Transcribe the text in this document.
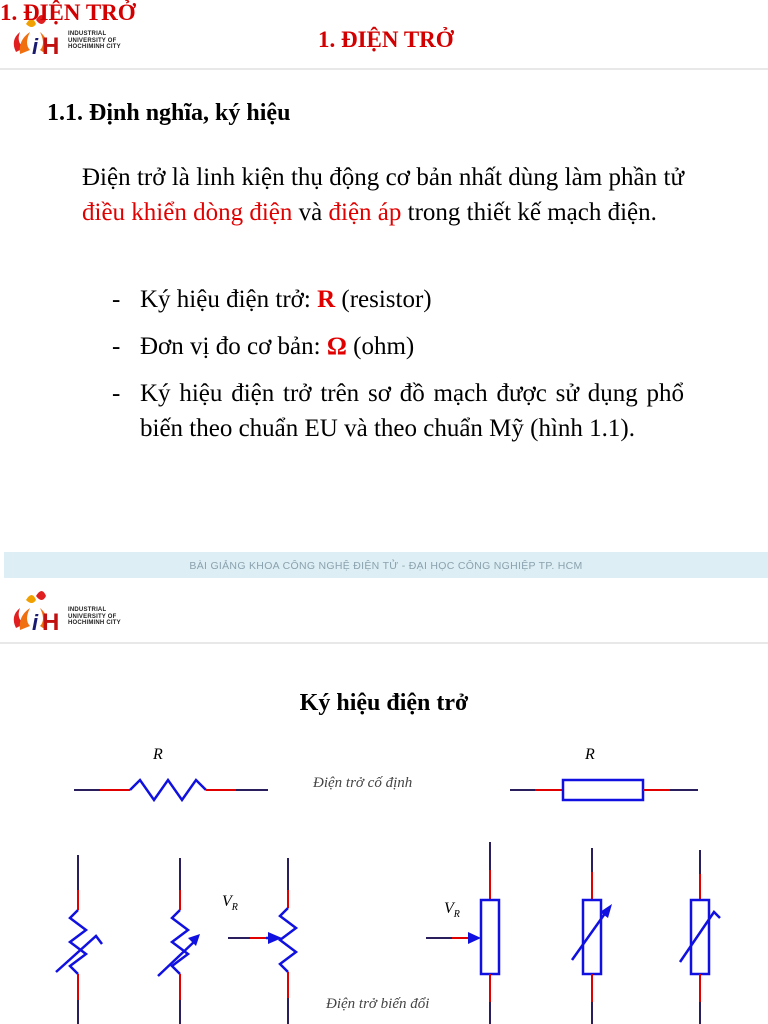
i H INDUSTRIAL
UNIVERSITY OF
HOCHIMINH CITY	1. ĐIỆN TRỞ
1.1. Định nghĩa, ký hiệu
Điện trở là linh kiện thụ động cơ bản nhất dùng làm phần tử điều khiển dòng điện và điện áp trong thiết kế mạch điện.
- Ký hiệu điện trở: R (resistor)
- Đơn vị đo cơ bản: Ω (ohm)
- Ký hiệu điện trở trên sơ đồ mạch được sử dụng phổ biến theo chuẩn EU và theo chuẩn Mỹ (hình 1.1).
BÀI GIẢNG KHOA CÔNG NGHỆ ĐIỆN TỬ - ĐẠI HỌC CÔNG NGHIỆP TP. HCM
i H INDUSTRIAL
UNIVERSITY OF
HOCHIMINH CITY
1. ĐIỆN TRỞ
Ký hiệu điện trở
R	R
Điện trở cố định
$V_R$	$V_R$
Điện trở biến đổi
